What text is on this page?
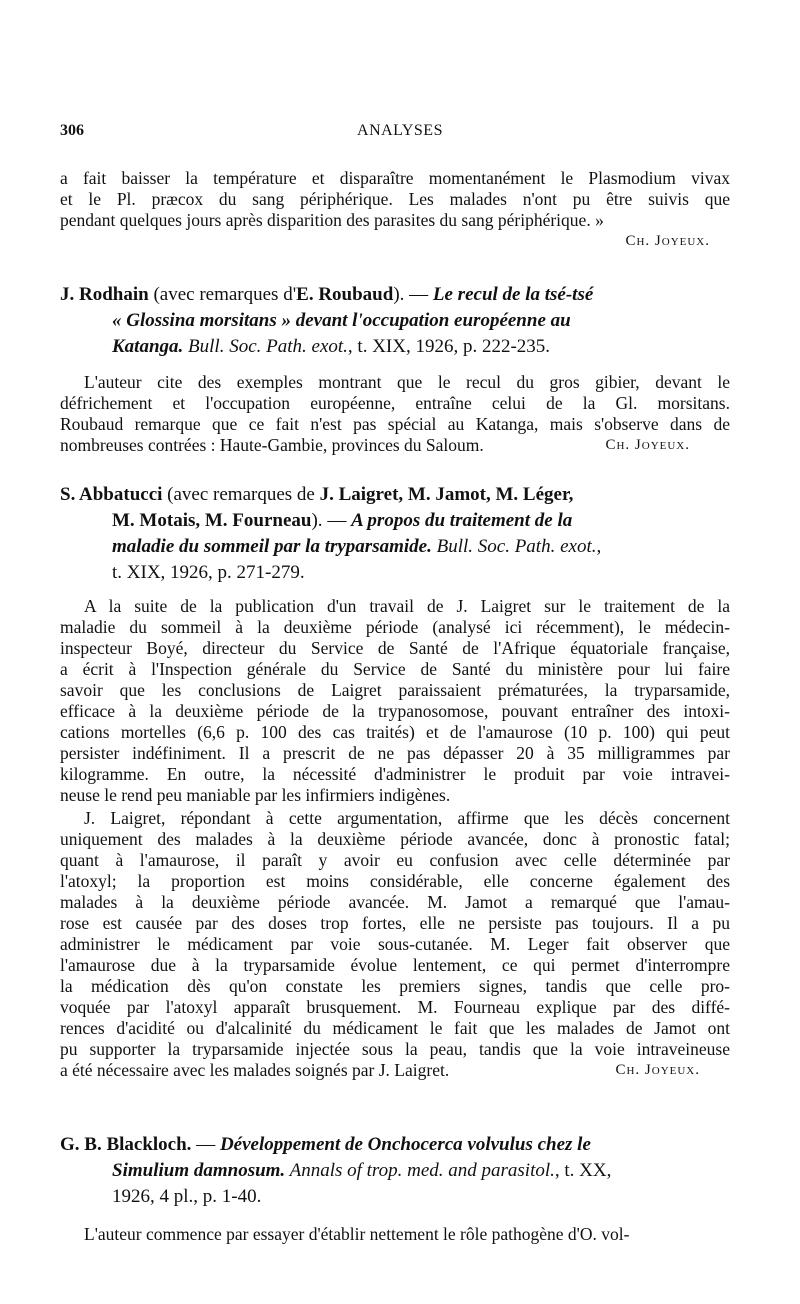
306	ANALYSES
a fait baisser la température et disparaître momentanément le Plasmodium vivax
et le Pl. præcox du sang périphérique. Les malades n'ont pu être suivis que
pendant quelques jours après disparition des parasites du sang périphérique. »
Ch. Joyeux.
J. Rodhain (avec remarques d'E. Roubaud). — Le recul de la tsé-tsé
« Glossina morsitans » devant l'occupation européenne au
Katanga. Bull. Soc. Path. exot., t. XIX, 1926, p. 222-235.
L'auteur cite des exemples montrant que le recul du gros gibier, devant le
défrichement et l'occupation européenne, entraîne celui de la Gl. morsitans.
Roubaud remarque que ce fait n'est pas spécial au Katanga, mais s'observe dans de
nombreuses contrées : Haute-Gambie, provinces du Saloum.	Ch. Joyeux.
S. Abbatucci (avec remarques de J. Laigret, M. Jamot, M. Léger,
M. Motais, M. Fourneau). — A propos du traitement de la
maladie du sommeil par la tryparsamide. Bull. Soc. Path. exot.,
t. XIX, 1926, p. 271-279.
A la suite de la publication d'un travail de J. Laigret sur le traitement de la
maladie du sommeil à la deuxième période (analysé ici récemment), le médecin-
inspecteur Boyé, directeur du Service de Santé de l'Afrique équatoriale française,
a écrit à l'Inspection générale du Service de Santé du ministère pour lui faire
savoir que les conclusions de Laigret paraissaient prématurées, la tryparsamide,
efficace à la deuxième période de la trypanosomose, pouvant entraîner des intoxi-
cations mortelles (6,6 p. 100 des cas traités) et de l'amaurose (10 p. 100) qui peut
persister indéfiniment. Il a prescrit de ne pas dépasser 20 à 35 milligrammes par
kilogramme. En outre, la nécessité d'administrer le produit par voie intravei-
neuse le rend peu maniable par les infirmiers indigènes.
J. Laigret, répondant à cette argumentation, affirme que les décès concernent
uniquement des malades à la deuxième période avancée, donc à pronostic fatal;
quant à l'amaurose, il paraît y avoir eu confusion avec celle déterminée par
l'atoxyl; la proportion est moins considérable, elle concerne également des
malades à la deuxième période avancée. M. Jamot a remarqué que l'amau-
rose est causée par des doses trop fortes, elle ne persiste pas toujours. Il a pu
administrer le médicament par voie sous-cutanée. M. Leger fait observer que
l'amaurose due à la tryparsamide évolue lentement, ce qui permet d'interrompre
la médication dès qu'on constate les premiers signes, tandis que celle pro-
voquée par l'atoxyl apparaît brusquement. M. Fourneau explique par des diffé-
rences d'acidité ou d'alcalinité du médicament le fait que les malades de Jamot ont
pu supporter la tryparsamide injectée sous la peau, tandis que la voie intraveineuse
a été nécessaire avec les malades soignés par J. Laigret.	Ch. Joyeux.
G. B. Blackloch. — Développement de Onchocerca volvulus chez le
Simulium damnosum. Annals of trop. med. and parasitol., t. XX,
1926, 4 pl., p. 1-40.
L'auteur commence par essayer d'établir nettement le rôle pathogène d'O. vol-
